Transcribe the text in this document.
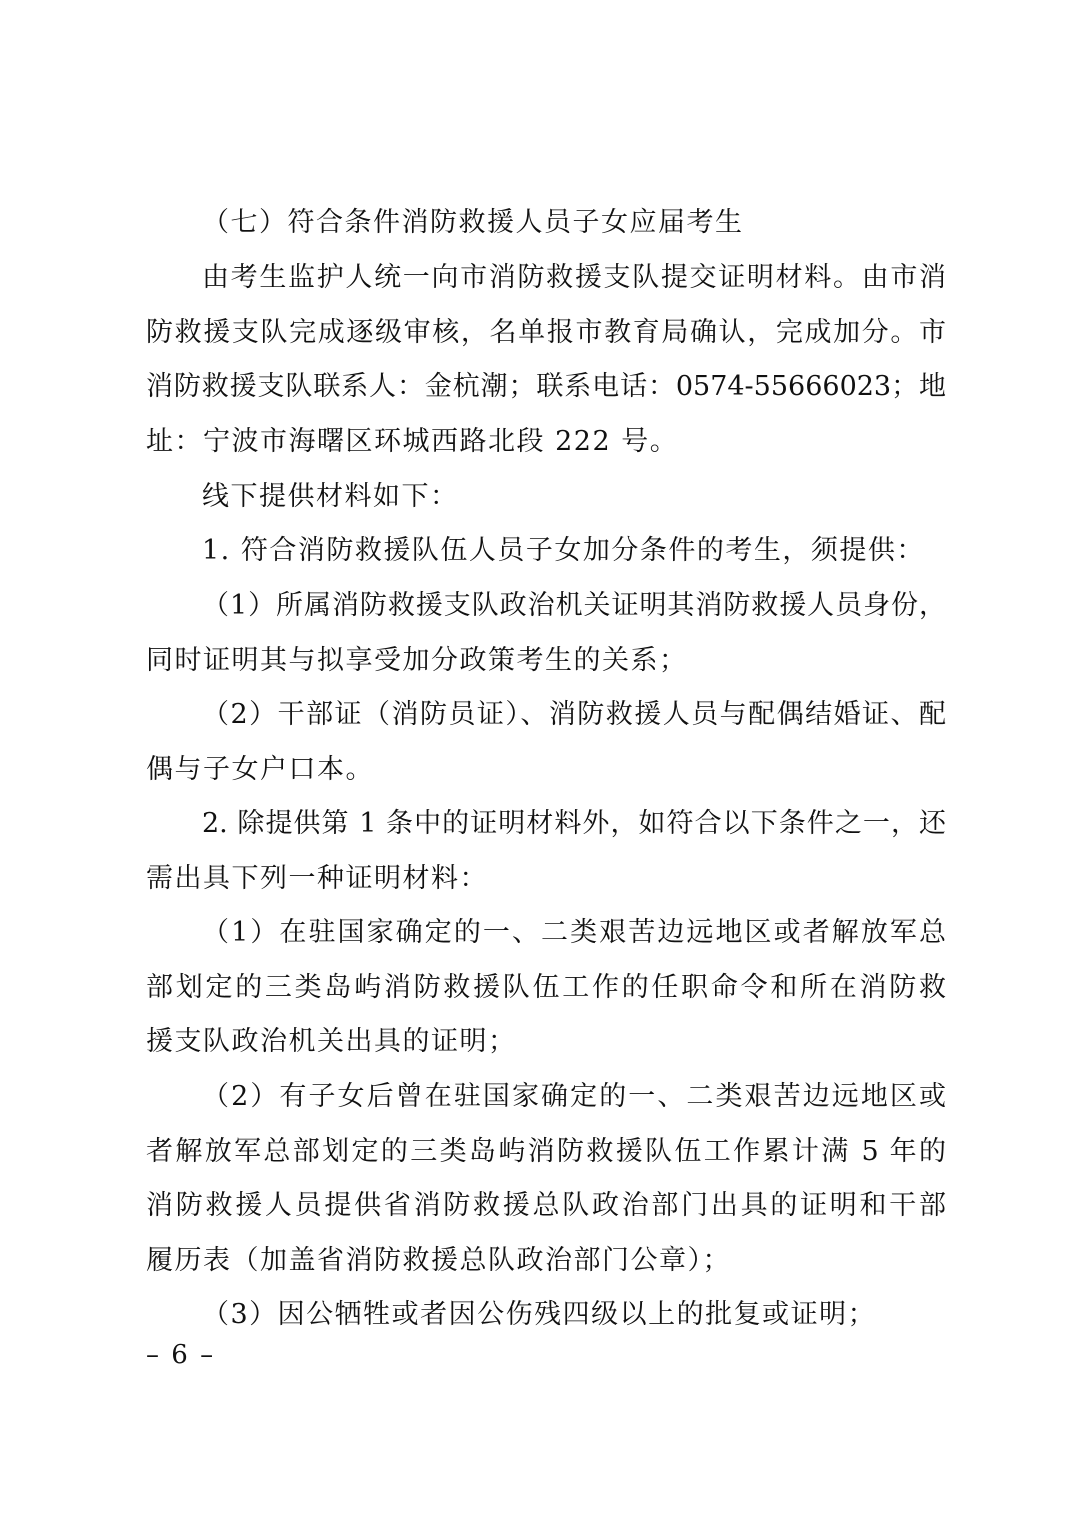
（七）符合条件消防救援人员子女应届考生
由考生监护人统一向市消防救援支队提交证明材料。由市消
防救援支队完成逐级审核，名单报市教育局确认，完成加分。市
消防救援支队联系人：金杭潮；联系电话：0574-55666023；地
址：宁波市海曙区环城西路北段 222 号。
线下提供材料如下：
1. 符合消防救援队伍人员子女加分条件的考生，须提供：
（1）所属消防救援支队政治机关证明其消防救援人员身份，
同时证明其与拟享受加分政策考生的关系；
（2）干部证（消防员证）、消防救援人员与配偶结婚证、配
偶与子女户口本。
2. 除提供第 1 条中的证明材料外，如符合以下条件之一，还
需出具下列一种证明材料：
（1）在驻国家确定的一、二类艰苦边远地区或者解放军总
部划定的三类岛屿消防救援队伍工作的任职命令和所在消防救
援支队政治机关出具的证明；
（2）有子女后曾在驻国家确定的一、二类艰苦边远地区或
者解放军总部划定的三类岛屿消防救援队伍工作累计满 5 年的
消防救援人员提供省消防救援总队政治部门出具的证明和干部
履历表（加盖省消防救援总队政治部门公章）；
（3）因公牺牲或者因公伤残四级以上的批复或证明；
– 6 –
